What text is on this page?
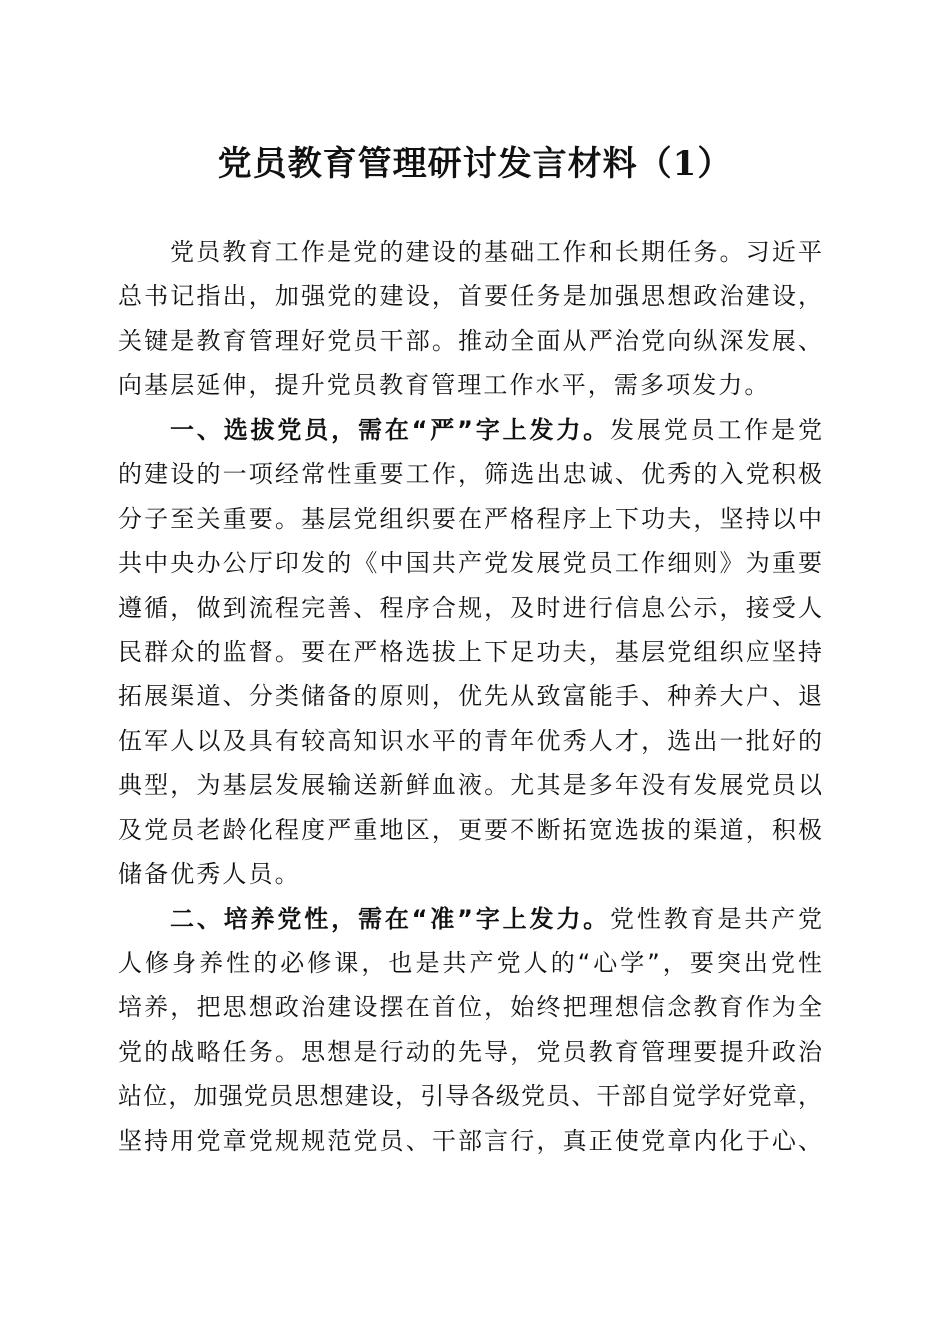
党员教育管理研讨发言材料（1）
党员教育工作是党的建设的基础工作和长期任务。习近平
总书记指出，加强党的建设，首要任务是加强思想政治建设，
关键是教育管理好党员干部。推动全面从严治党向纵深发展、
向基层延伸，提升党员教育管理工作水平，需多项发力。
一、选拔党员，需在“严”字上发力。发展党员工作是党
的建设的一项经常性重要工作，筛选出忠诚、优秀的入党积极
分子至关重要。基层党组织要在严格程序上下功夫，坚持以中
共中央办公厅印发的《中国共产党发展党员工作细则》为重要
遵循，做到流程完善、程序合规，及时进行信息公示，接受人
民群众的监督。要在严格选拔上下足功夫，基层党组织应坚持
拓展渠道、分类储备的原则，优先从致富能手、种养大户、退
伍军人以及具有较高知识水平的青年优秀人才，选出一批好的
典型，为基层发展输送新鲜血液。尤其是多年没有发展党员以
及党员老龄化程度严重地区，更要不断拓宽选拔的渠道，积极
储备优秀人员。
二、培养党性，需在“准”字上发力。党性教育是共产党
人修身养性的必修课，也是共产党人的“心学”，要突出党性
培养，把思想政治建设摆在首位，始终把理想信念教育作为全
党的战略任务。思想是行动的先导，党员教育管理要提升政治
站位，加强党员思想建设，引导各级党员、干部自觉学好党章，
坚持用党章党规规范党员、干部言行，真正使党章内化于心、
